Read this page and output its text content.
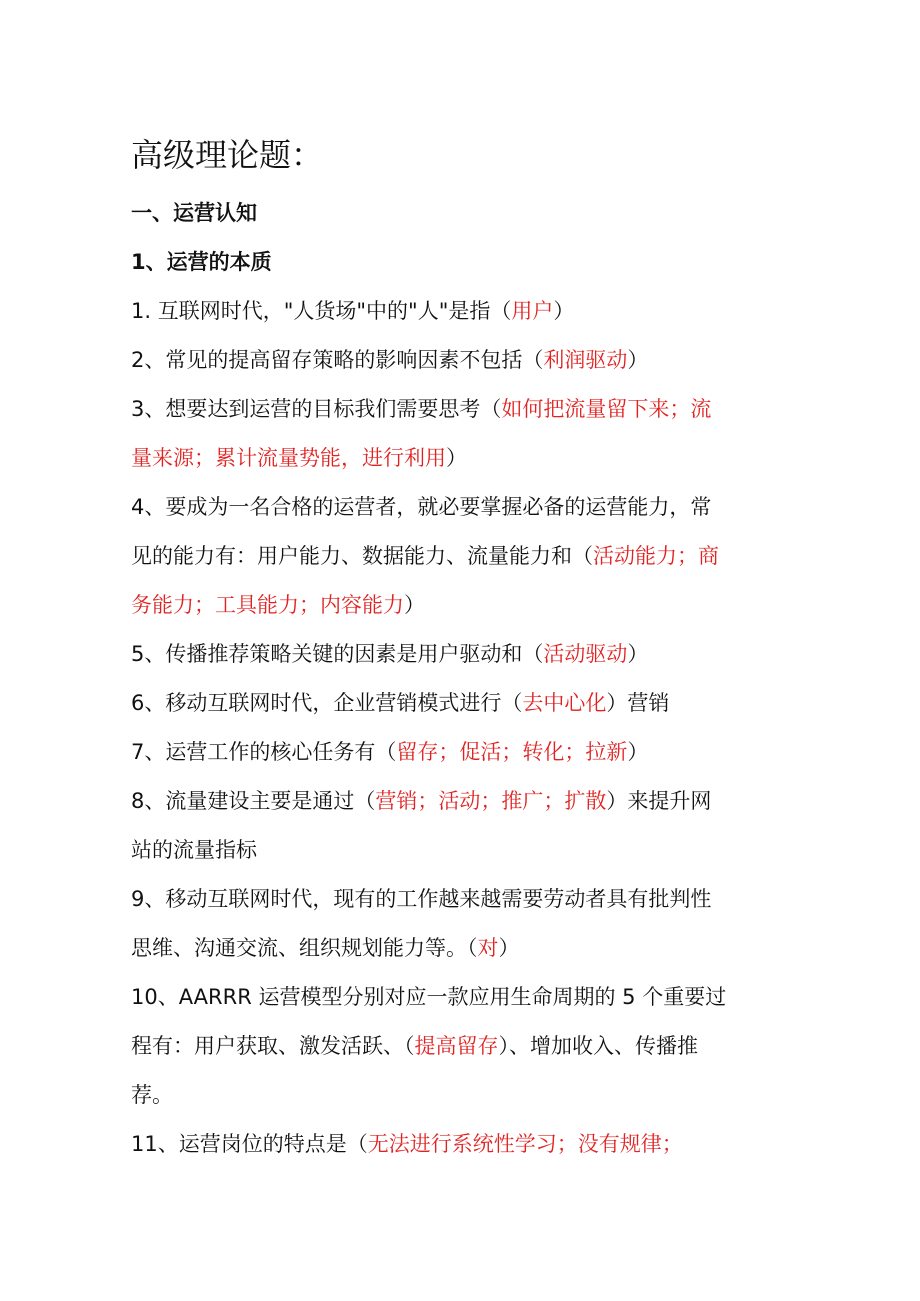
高级理论题：
一、运营认知
1、运营的本质
1. 互联网时代，"人货场"中的"人"是指（用户）
2、常见的提高留存策略的影响因素不包括（利润驱动）
3、想要达到运营的目标我们需要思考（如何把流量留下来；流
量来源；累计流量势能，进行利用）
4、要成为一名合格的运营者，就必要掌握必备的运营能力，常
见的能力有：用户能力、数据能力、流量能力和（活动能力；商
务能力；工具能力；内容能力）
5、传播推荐策略关键的因素是用户驱动和（活动驱动）
6、移动互联网时代，企业营销模式进行（去中心化）营销
7、运营工作的核心任务有（留存；促活；转化；拉新）
8、流量建设主要是通过（营销；活动；推广；扩散）来提升网
站的流量指标
9、移动互联网时代，现有的工作越来越需要劳动者具有批判性
思维、沟通交流、组织规划能力等。（对）
10、AARRR 运营模型分别对应一款应用生命周期的 5 个重要过
程有：用户获取、激发活跃、（提高留存）、增加收入、传播推
荐。
11、运营岗位的特点是（无法进行系统性学习；没有规律；
